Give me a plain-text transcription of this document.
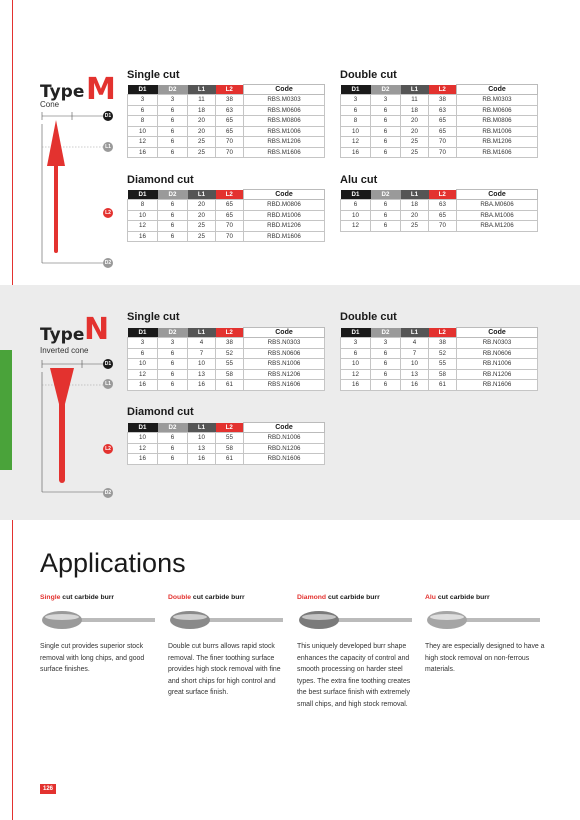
Type M
Cone
D1
L1
L2
D2
Single cut
D1	D2	L1	L2	Code
3	3	11	38	RBS.M0303
6	6	18	63	RBS.M0606
8	6	20	65	RBS.M0806
10	6	20	65	RBS.M1006
12	6	25	70	RBS.M1206
16	6	25	70	RBS.M1606
Double cut
D1	D2	L1	L2	Code
3	3	11	38	RB.M0303
6	6	18	63	RB.M0606
8	6	20	65	RB.M0806
10	6	20	65	RB.M1006
12	6	25	70	RB.M1206
16	6	25	70	RB.M1606
Diamond cut
D1	D2	L1	L2	Code
8	6	20	65	RBD.M0806
10	6	20	65	RBD.M1006
12	6	25	70	RBD.M1206
16	6	25	70	RBD.M1606
Alu cut
D1	D2	L1	L2	Code
6	6	18	63	RBA.M0606
10	6	20	65	RBA.M1006
12	6	25	70	RBA.M1206
Type N
Inverted cone
D1
L1
L2
D2
Single cut
D1	D2	L1	L2	Code
3	3	4	38	RBS.N0303
6	6	7	52	RBS.N0606
10	6	10	55	RBS.N1006
12	6	13	58	RBS.N1206
16	6	16	61	RBS.N1606
Double cut
D1	D2	L1	L2	Code
3	3	4	38	RB.N0303
6	6	7	52	RB.N0606
10	6	10	55	RB.N1006
12	6	13	58	RB.N1206
16	6	16	61	RB.N1606
Diamond cut
D1	D2	L1	L2	Code
10	6	10	55	RBD.N1006
12	6	13	58	RBD.N1206
16	6	16	61	RBD.N1606
Applications
Single cut carbide burr
Single cut provides superior stock removal with long chips, and good surface finishes.
Double cut carbide burr
Double cut burrs allows rapid stock removal. The finer toothing surface provides high stock removal with fine and short chips for high control and great surface finish.
Diamond cut carbide burr
This uniquely developed burr shape enhances the capacity of control and smooth processing on harder steel types. The extra fine toothing creates the best surface finish with extremely small chips, and high stock removal.
Alu cut carbide burr
They are especially designed to have a high stock removal on non-ferrous materials.
126
